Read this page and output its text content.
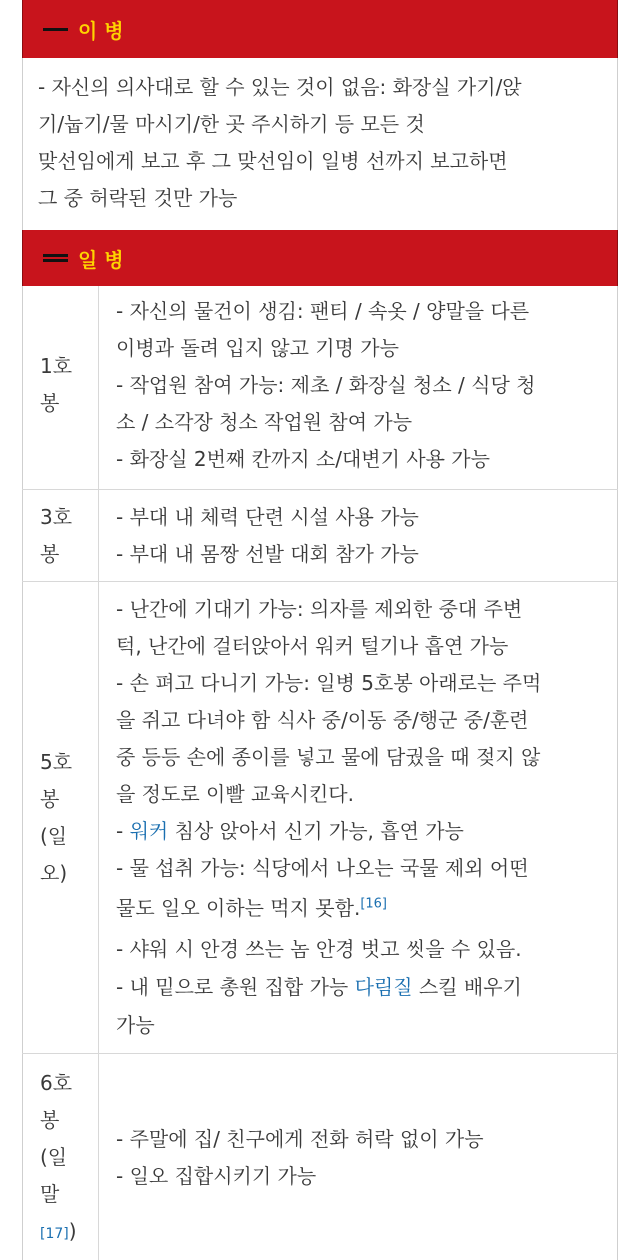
이 병
- 자신의 의사대로 할 수 있는 것이 없음: 화장실 가기/앉
기/눕기/물 마시기/한 곳 주시하기 등 모든 것
맞선임에게 보고 후 그 맞선임이 일병 선까지 보고하면
그 중 허락된 것만 가능
일 병
1호
봉
- 자신의 물건이 생김: 팬티 / 속옷 / 양말을 다른
이병과 돌려 입지 않고 기명 가능
- 작업원 참여 가능: 제초 / 화장실 청소 / 식당 청
소 / 소각장 청소 작업원 참여 가능
- 화장실 2번째 칸까지 소/대변기 사용 가능
3호
봉
- 부대 내 체력 단련 시설 사용 가능
- 부대 내 몸짱 선발 대회 참가 가능
5호
봉
(일
오)
- 난간에 기대기 가능: 의자를 제외한 중대 주변
턱, 난간에 걸터앉아서 워커 털기나 흡연 가능
- 손 펴고 다니기 가능: 일병 5호봉 아래로는 주먹
을 쥐고 다녀야 함 식사 중/이동 중/행군 중/훈련
중 등등 손에 종이를 넣고 물에 담궜을 때 젖지 않
을 정도로 이빨 교육시킨다.
- 워커 침상 앉아서 신기 가능, 흡연 가능
- 물 섭취 가능: 식당에서 나오는 국물 제외 어떤
물도 일오 이하는 먹지 못함.[16]
- 샤워 시 안경 쓰는 놈 안경 벗고 씻을 수 있음.
- 내 밑으로 총원 집합 가능 다림질 스킬 배우기
가능
6호
봉
(일
말
[17])
- 주말에 집/ 친구에게 전화 허락 없이 가능
- 일오 집합시키기 가능
